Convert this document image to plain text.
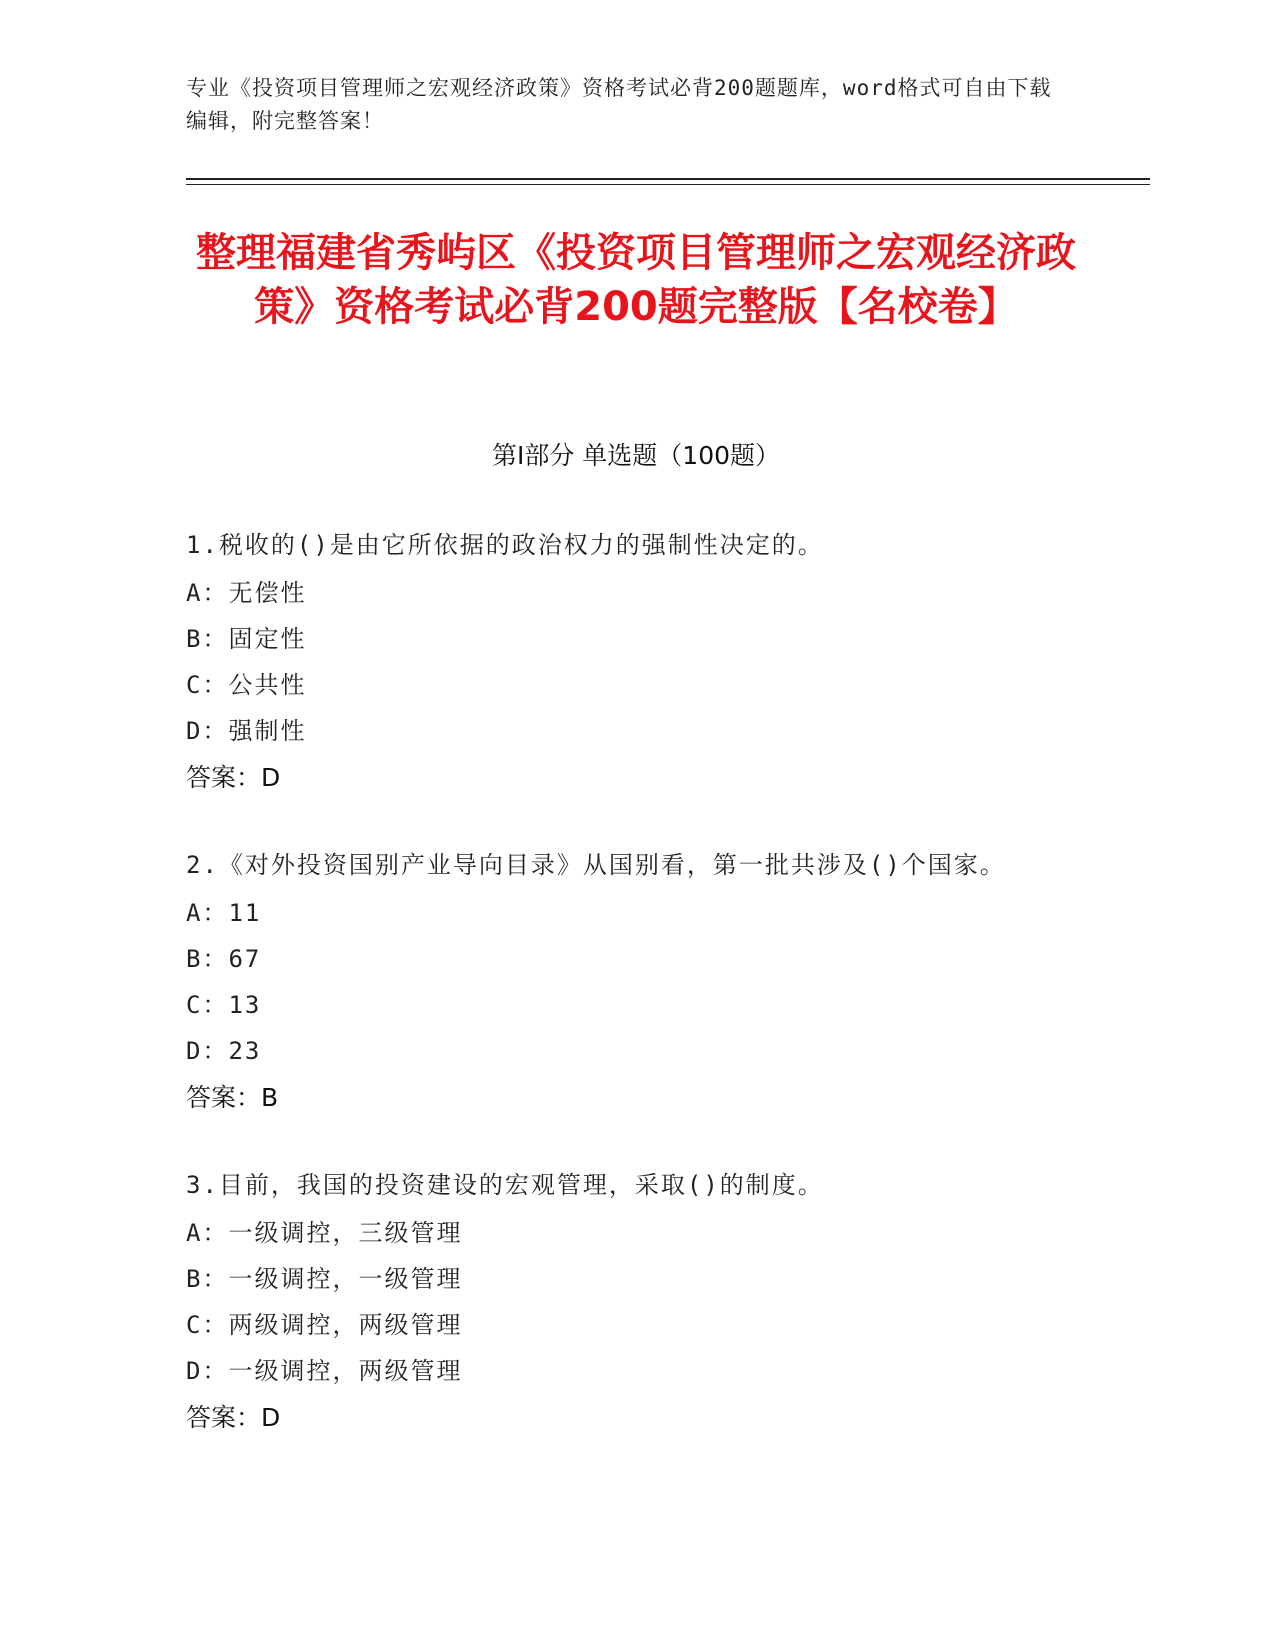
专业《投资项目管理师之宏观经济政策》资格考试必背200题题库，word格式可自由下载编辑，附完整答案！
整理福建省秀屿区《投资项目管理师之宏观经济政策》资格考试必背200题完整版【名校卷】
第Ⅰ部分 单选题（100题）
1.税收的()是由它所依据的政治权力的强制性决定的。
A：无偿性
B：固定性
C：公共性
D：强制性
答案：D
2.《对外投资国别产业导向目录》从国别看，第一批共涉及()个国家。
A：11
B：67
C：13
D：23
答案：B
3.目前，我国的投资建设的宏观管理，采取()的制度。
A：一级调控，三级管理
B：一级调控，一级管理
C：两级调控，两级管理
D：一级调控，两级管理
答案：D
